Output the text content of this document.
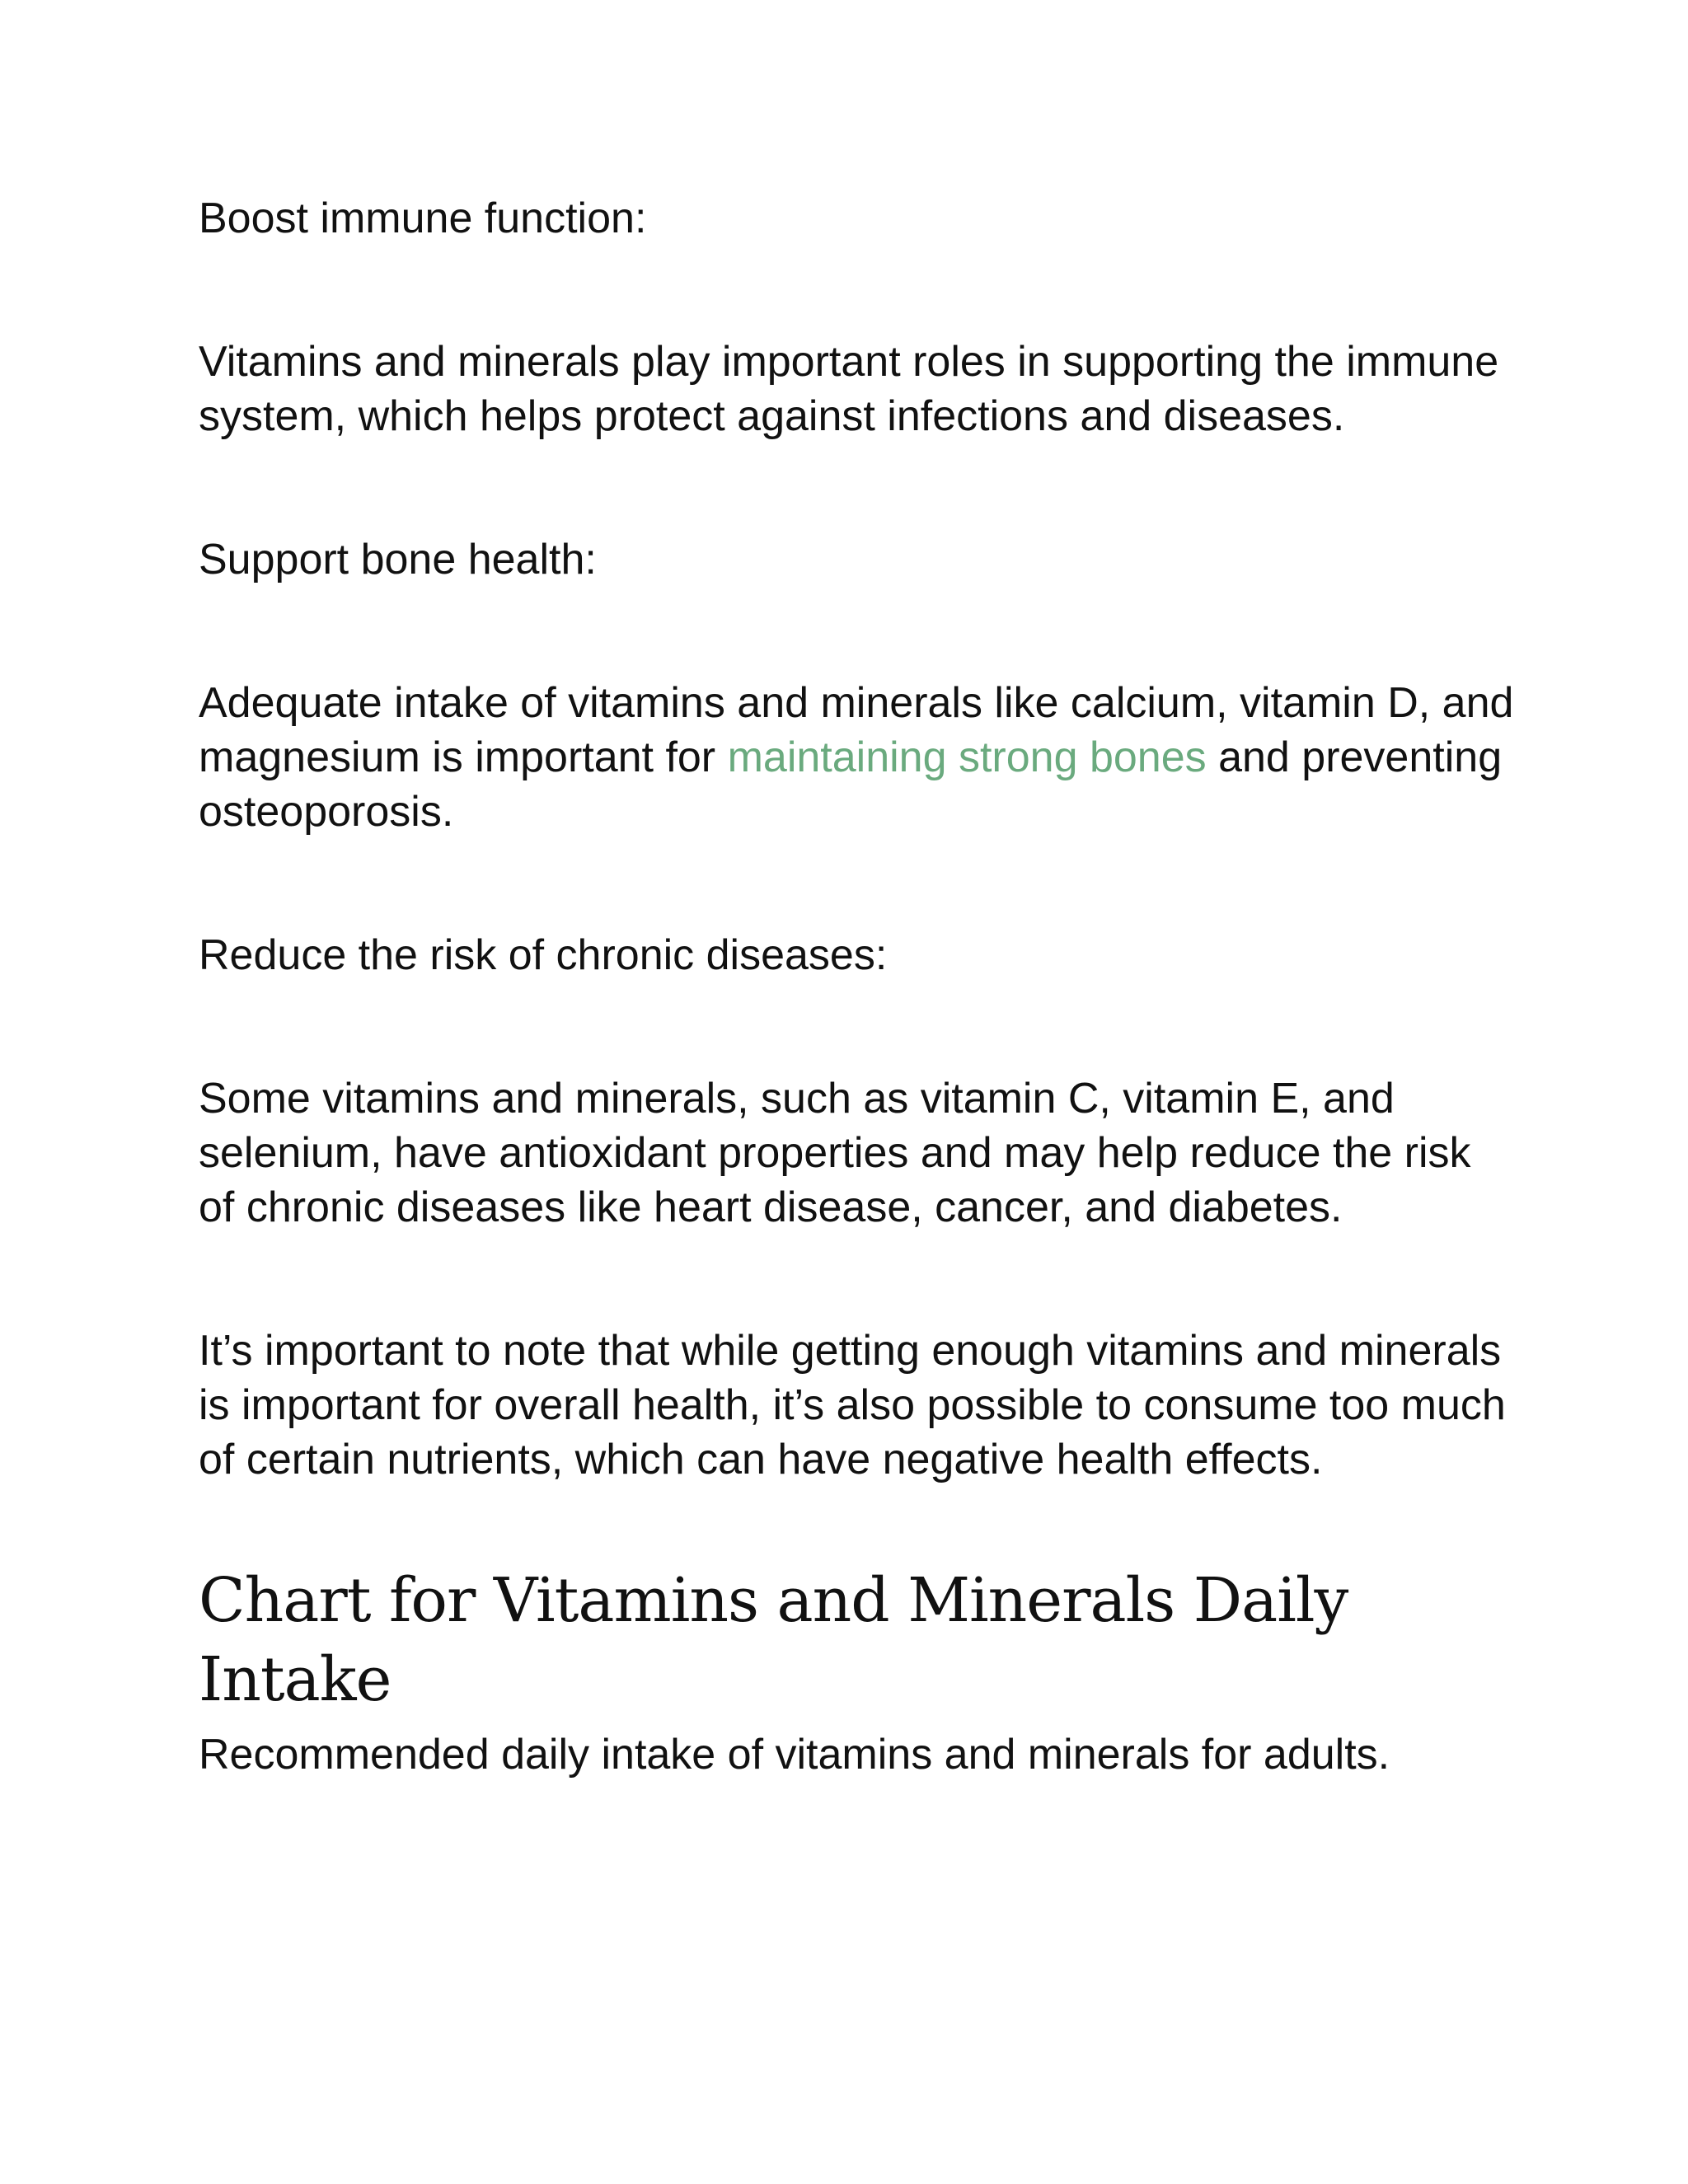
Boost immune function:

Vitamins and minerals play important roles in supporting the immune system, which helps protect against infections and diseases.

Support bone health:

Adequate intake of vitamins and minerals like calcium, vitamin D, and magnesium is important for maintaining strong bones and preventing osteoporosis.

Reduce the risk of chronic diseases:

Some vitamins and minerals, such as vitamin C, vitamin E, and selenium, have antioxidant properties and may help reduce the risk of chronic diseases like heart disease, cancer, and diabetes.

It’s important to note that while getting enough vitamins and minerals is important for overall health, it’s also possible to consume too much of certain nutrients, which can have negative health effects.

Chart for Vitamins and Minerals Daily Intake

Recommended daily intake of vitamins and minerals for adults.
